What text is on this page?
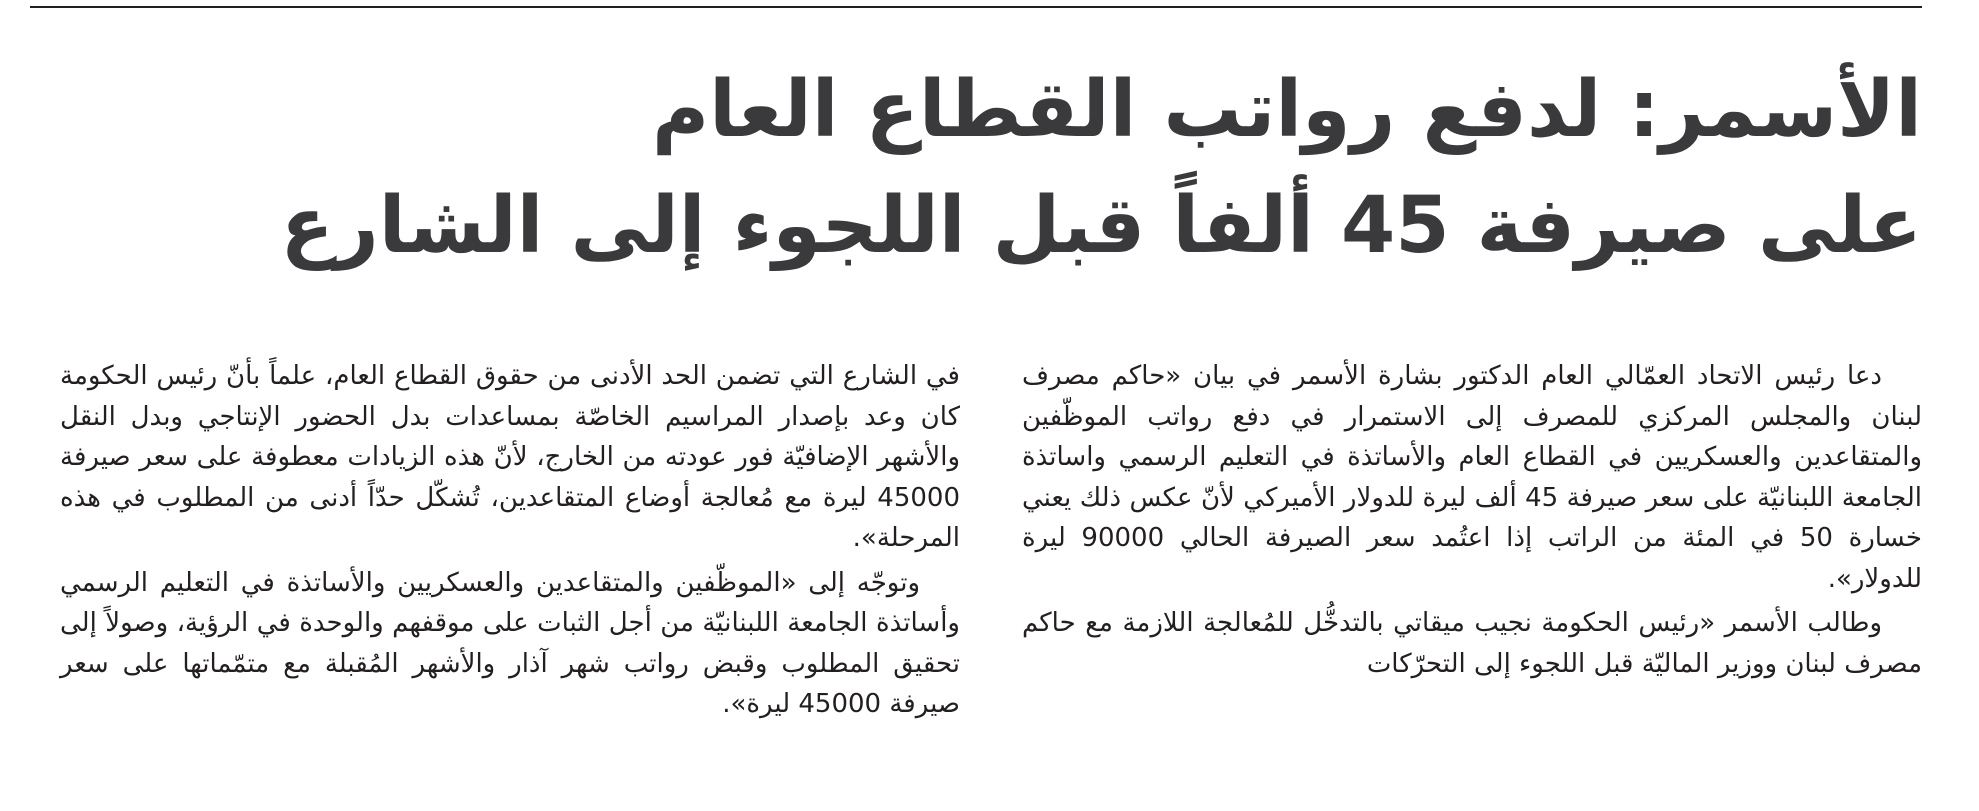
الأسمر: لدفع رواتب القطاع العام
على صيرفة 45 ألفاً قبل اللجوء إلى الشارع

دعا رئيس الاتحاد العمّالي العام الدكتور بشارة الأسمر في بيان «حاكم مصرف لبنان والمجلس المركزي للمصرف إلى الاستمرار في دفع رواتب الموظّفين والمتقاعدين والعسكريين في القطاع العام والأساتذة في التعليم الرسمي واساتذة الجامعة اللبنانيّة على سعر صيرفة 45 ألف ليرة للدولار الأميركي لأنّ عكس ذلك يعني خسارة 50 في المئة من الراتب إذا اعتُمد سعر الصيرفة الحالي 90000 ليرة للدولار».

وطالب الأسمر «رئيس الحكومة نجيب ميقاتي بالتدخُّل للمُعالجة اللازمة مع حاكم مصرف لبنان ووزير الماليّة قبل اللجوء إلى التحرّكات

في الشارع التي تضمن الحد الأدنى من حقوق القطاع العام، علماً بأنّ رئيس الحكومة كان وعد بإصدار المراسيم الخاصّة بمساعدات بدل الحضور الإنتاجي وبدل النقل والأشهر الإضافيّة فور عودته من الخارج، لأنّ هذه الزيادات معطوفة على سعر صيرفة 45000 ليرة مع مُعالجة أوضاع المتقاعدين، تُشكّل حدّاً أدنى من المطلوب في هذه المرحلة».

وتوجّه إلى «الموظّفين والمتقاعدين والعسكريين والأساتذة في التعليم الرسمي وأساتذة الجامعة اللبنانيّة من أجل الثبات على موقفهم والوحدة في الرؤية، وصولاً إلى تحقيق المطلوب وقبض رواتب شهر آذار والأشهر المُقبلة مع متمّماتها على سعر صيرفة 45000 ليرة».
